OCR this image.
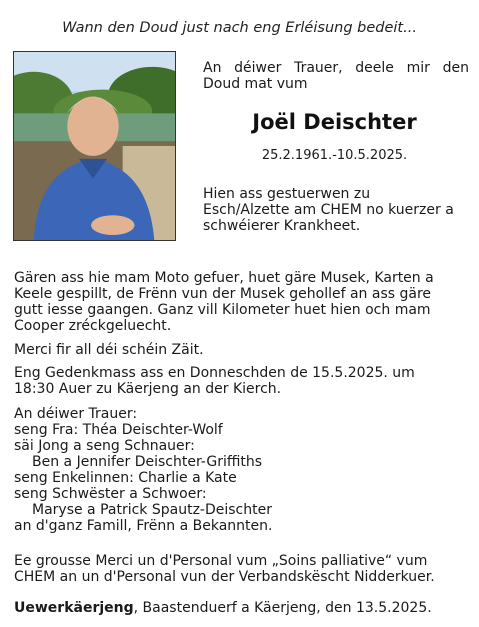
Wann den Doud just nach eng Erléisung bedeit...
An déiwer Trauer, deele mir den Doud mat vum
Joël Deischter
25.2.1961.-10.5.2025.
Hien ass gestuerwen zu
Esch/Alzette am CHEM no kuerzer a
schwéierer Krankheet.
Gären ass hie mam Moto gefuer, huet gäre Musek, Karten a
Keele gespillt, de Frënn vun der Musek gehollef an ass gäre
gutt iesse gaangen. Ganz vill Kilometer huet hien och mam
Cooper zréckgeluecht.
Merci fir all déi schéin Zäit.
Eng Gedenkmass ass en Donneschden de 15.5.2025. um
18:30 Auer zu Käerjeng an der Kierch.
An déiwer Trauer:
seng Fra: Théa Deischter-Wolf
säi Jong a seng Schnauer:
Ben a Jennifer Deischter-Griffiths
seng Enkelinnen: Charlie a Kate
seng Schwëster a Schwoer:
Maryse a Patrick Spautz-Deischter
an d'ganz Famill, Frënn a Bekannten.
Ee grousse Merci un d'Personal vum „Soins palliative“ vum
CHEM an un d'Personal vun der Verbandskëscht Nidderkuer.
Uewerkäerjeng, Baastenduerf a Käerjeng, den 13.5.2025.
